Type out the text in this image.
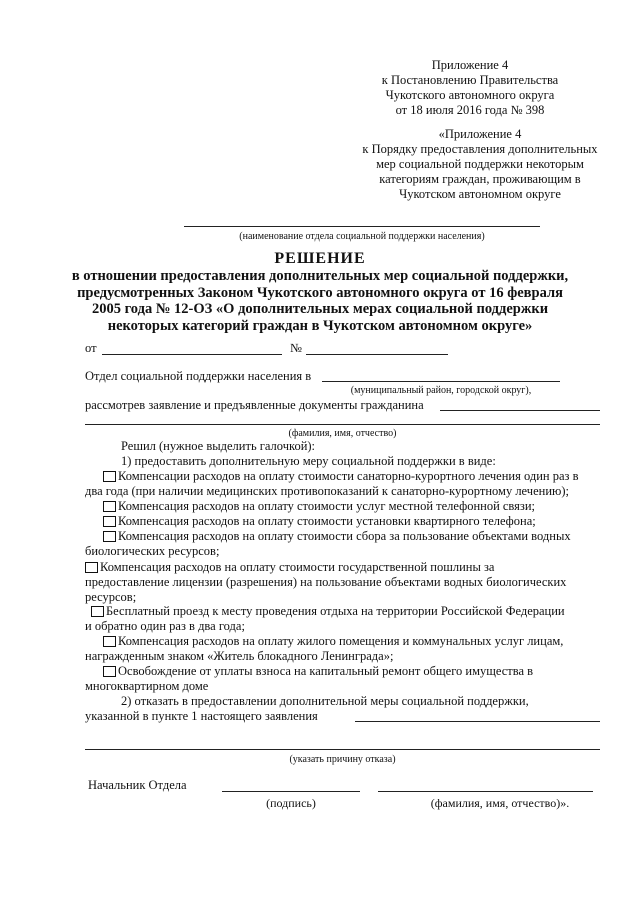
Приложение 4
к Постановлению Правительства
Чукотского автономного округа
от 18 июля 2016 года № 398
«Приложение 4
к Порядку предоставления дополнительных
мер социальной поддержки некоторым
категориям граждан, проживающим в
Чукотском автономном округе
(наименование отдела социальной поддержки населения)
РЕШЕНИЕ
в отношении предоставления дополнительных мер социальной поддержки,
предусмотренных Законом Чукотского автономного округа от 16 февраля
2005 года № 12-ОЗ «О дополнительных мерах социальной поддержки
некоторых категорий граждан в Чукотском автономном округе»
от	№
Отдел социальной поддержки населения в
(муниципальный район, городской округ),
рассмотрев заявление и предъявленные документы гражданина
(фамилия, имя, отчество)
Решил (нужное выделить галочкой):
1) предоставить дополнительную меру социальной поддержки в виде:
Компенсации расходов на оплату стоимости санаторно-курортного лечения один раз в
два года (при наличии медицинских противопоказаний к санаторно-курортному лечению);
Компенсация расходов на оплату стоимости услуг местной телефонной связи;
Компенсация расходов на оплату стоимости установки квартирного телефона;
Компенсация расходов на оплату стоимости сбора за пользование объектами водных
биологических ресурсов;
Компенсация расходов на оплату стоимости государственной пошлины за
предоставление лицензии (разрешения) на пользование объектами водных биологических
ресурсов;
Бесплатный проезд к месту проведения отдыха на территории Российской Федерации
и обратно один раз в два года;
Компенсация расходов на оплату жилого помещения и коммунальных услуг лицам,
награжденным знаком «Житель блокадного Ленинграда»;
Освобождение от уплаты взноса на капитальный ремонт общего имущества в
многоквартирном доме
2) отказать в предоставлении дополнительной меры социальной поддержки,
указанной в пункте 1 настоящего заявления
(указать причину отказа)
Начальник Отдела
(подпись)	(фамилия, имя, отчество)».
